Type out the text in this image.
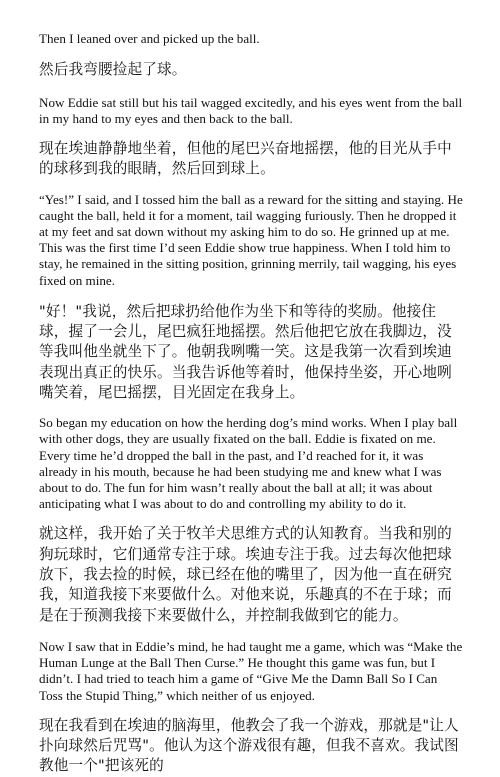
Then I leaned over and picked up the ball.

然后我弯腰捡起了球。

Now Eddie sat still but his tail wagged excitedly, and his eyes went from the ball in my hand to my eyes and then back to the ball.

现在埃迪静静地坐着，但他的尾巴兴奋地摇摆，他的目光从手中的球移到我的眼睛，然后回到球上。

“Yes!” I said, and I tossed him the ball as a reward for the sitting and staying. He caught the ball, held it for a moment, tail wagging furiously. Then he dropped it at my feet and sat down without my asking him to do so. He grinned up at me. This was the first time I’d seen Eddie show true happiness. When I told him to stay, he remained in the sitting position, grinning merrily, tail wagging, his eyes fixed on mine.

"好！"我说，然后把球扔给他作为坐下和等待的奖励。他接住球，握了一会儿，尾巴疯狂地摇摆。然后他把它放在我脚边，没等我叫他坐就坐下了。他朝我咧嘴一笑。这是我第一次看到埃迪表现出真正的快乐。当我告诉他等着时，他保持坐姿，开心地咧嘴笑着，尾巴摇摆，目光固定在我身上。

So began my education on how the herding dog’s mind works. When I play ball with other dogs, they are usually fixated on the ball. Eddie is fixated on me. Every time he’d dropped the ball in the past, and I’d reached for it, it was already in his mouth, because he had been studying me and knew what I was about to do. The fun for him wasn’t really about the ball at all; it was about anticipating what I was about to do and controlling my ability to do it.

就这样，我开始了关于牧羊犬思维方式的认知教育。当我和别的狗玩球时，它们通常专注于球。埃迪专注于我。过去每次他把球放下，我去捡的时候，球已经在他的嘴里了，因为他一直在研究我，知道我接下来要做什么。对他来说，乐趣真的不在于球；而是在于预测我接下来要做什么，并控制我做到它的能力。

Now I saw that in Eddie’s mind, he had taught me a game, which was “Make the Human Lunge at the Ball Then Curse.” He thought this game was fun, but I didn’t. I had tried to teach him a game of “Give Me the Damn Ball So I Can Toss the Stupid Thing,” which neither of us enjoyed.

现在我看到在埃迪的脑海里，他教会了我一个游戏，那就是"让人扑向球然后咒骂"。他认为这个游戏很有趣，但我不喜欢。我试图教他一个"把该死的
